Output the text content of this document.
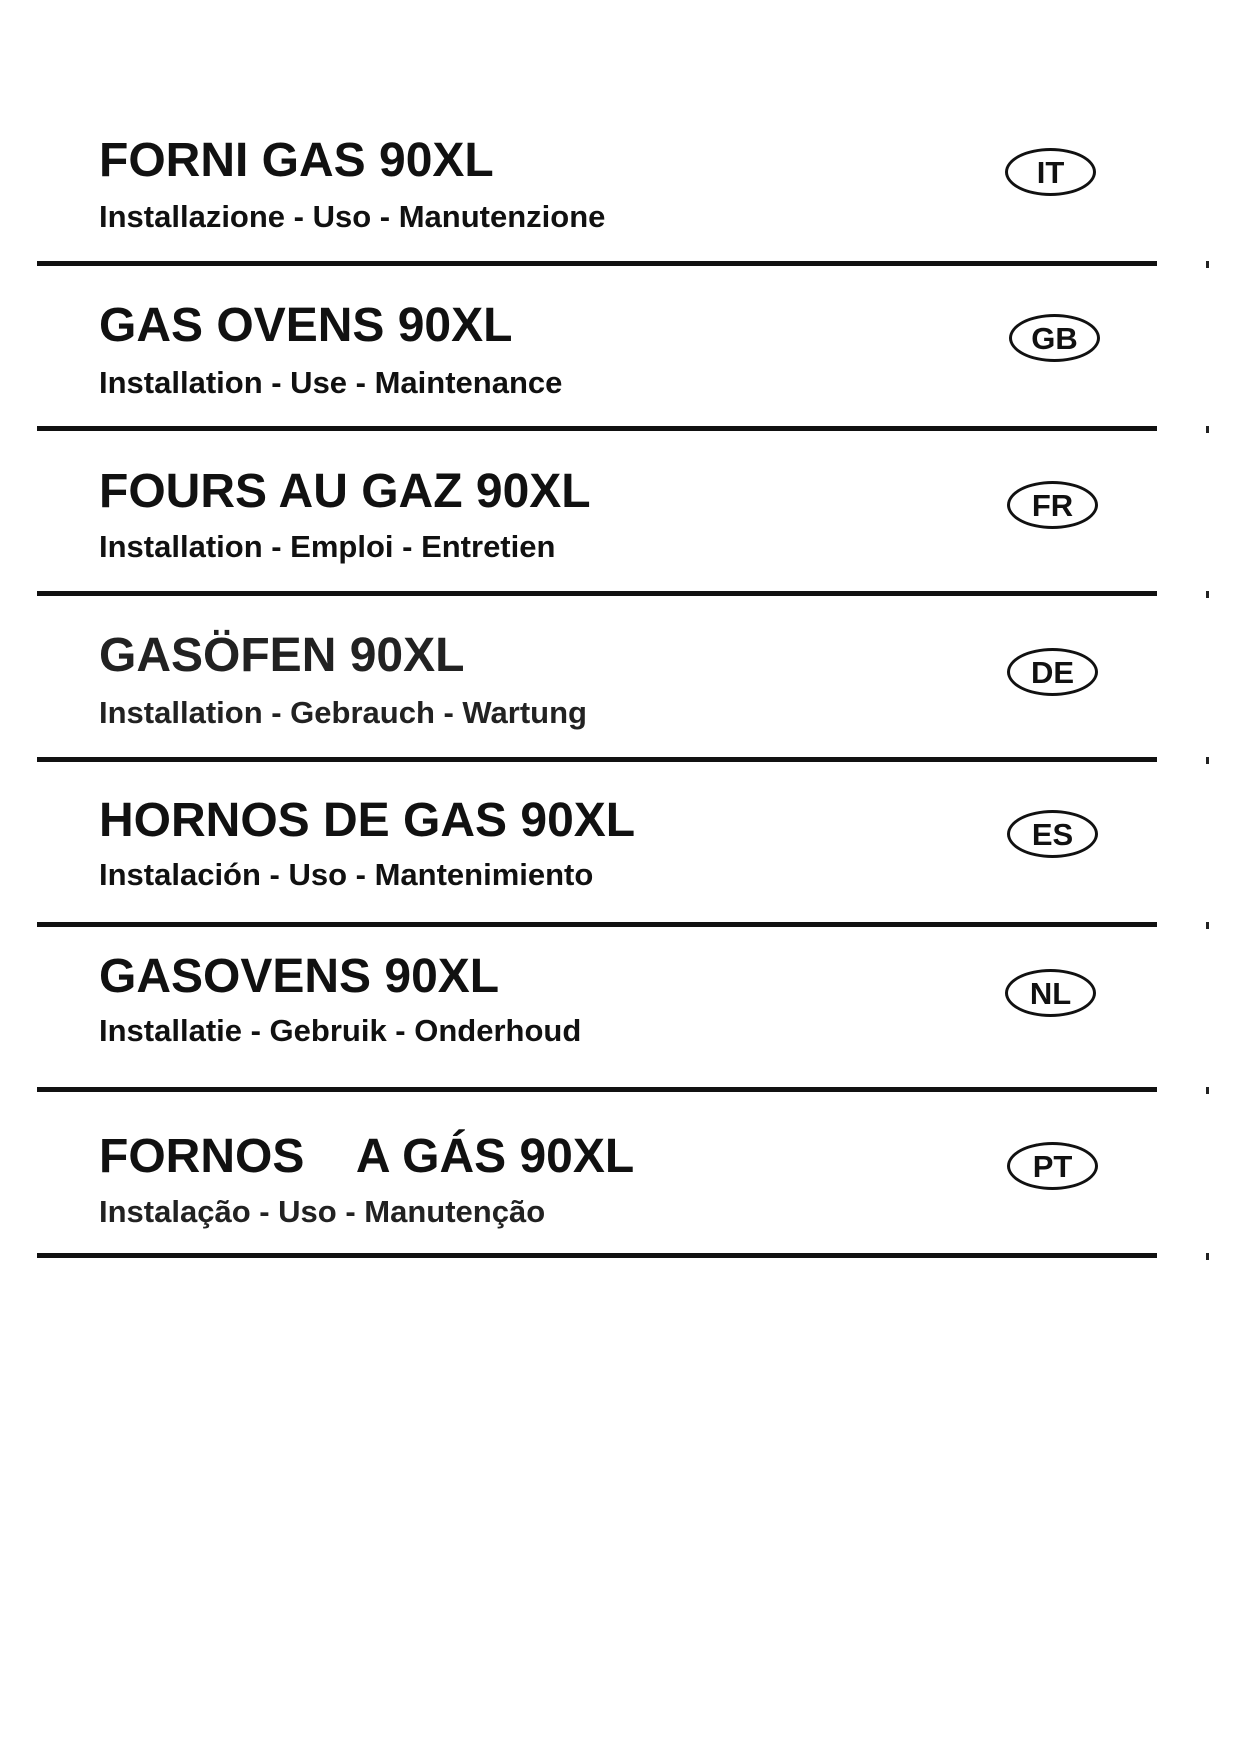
FORNI GAS 90XL
Installazione - Uso - Manutenzione
IT
GAS OVENS 90XL
Installation - Use - Maintenance
GB
FOURS AU GAZ 90XL
Installation - Emploi - Entretien
FR
GASÖFEN 90XL
Installation - Gebrauch - Wartung
DE
HORNOS DE GAS 90XL
Instalación - Uso - Mantenimiento
ES
GASOVENS 90XL
Installatie - Gebruik - Onderhoud
NL
FORNOS    A GÁS 90XL
Instalação - Uso - Manutenção
PT
